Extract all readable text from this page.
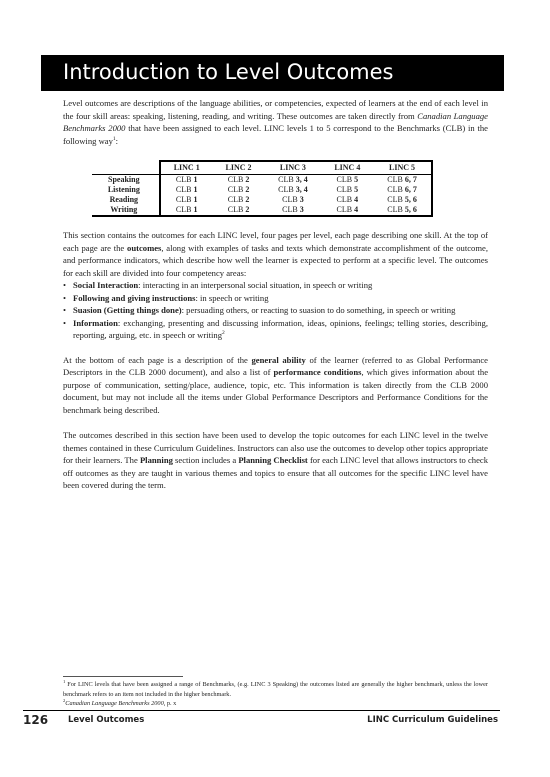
Introduction to Level Outcomes

Level outcomes are descriptions of the language abilities, or competencies, expected of learners at the end of each level in the four skill areas: speaking, listening, reading, and writing. These outcomes are taken directly from Canadian Language Benchmarks 2000 that have been assigned to each level. LINC levels 1 to 5 correspond to the Benchmarks (CLB) in the following way$^1$:

	LINC 1	LINC 2	LINC 3	LINC 4	LINC 5
Speaking	CLB 1	CLB 2	CLB 3, 4	CLB 5	CLB 6, 7
Listening	CLB 1	CLB 2	CLB 3, 4	CLB 5	CLB 6, 7
Reading	CLB 1	CLB 2	CLB 3	CLB 4	CLB 5, 6
Writing	CLB 1	CLB 2	CLB 3	CLB 4	CLB 5, 6

This section contains the outcomes for each LINC level, four pages per level, each page describing one skill. At the top of each page are the outcomes, along with examples of tasks and texts which demonstrate accomplishment of the outcome, and performance indicators, which describe how well the learner is expected to perform at a specific level. The outcomes for each skill are divided into four competency areas:

• Social Interaction: interacting in an interpersonal social situation, in speech or writing
• Following and giving instructions: in speech or writing
• Suasion (Getting things done): persuading others, or reacting to suasion to do something, in speech or writing
• Information: exchanging, presenting and discussing information, ideas, opinions, feelings; telling stories, describing, reporting, arguing, etc. in speech or writing$^2$

At the bottom of each page is a description of the general ability of the learner (referred to as Global Performance Descriptors in the CLB 2000 document), and also a list of performance conditions, which gives information about the purpose of communication, setting/place, audience, topic, etc. This information is taken directly from the CLB 2000 document, but may not include all the items under Global Performance Descriptors and Performance Conditions for the benchmark being described.

The outcomes described in this section have been used to develop the topic outcomes for each LINC level in the twelve themes contained in these Curriculum Guidelines. Instructors can also use the outcomes to develop other topics appropriate for their learners. The Planning section includes a Planning Checklist for each LINC level that allows instructors to check off outcomes as they are taught in various themes and topics to ensure that all outcomes for the specific LINC level have been covered during the term.

$^1$ For LINC levels that have been assigned a range of Benchmarks, (e.g. LINC 3 Speaking) the outcomes listed are generally the higher benchmark, unless the lower benchmark refers to an item not included in the higher benchmark.

$^2$Canadian Language Benchmarks 2000, p. x

126 Level Outcomes	LINC Curriculum Guidelines
